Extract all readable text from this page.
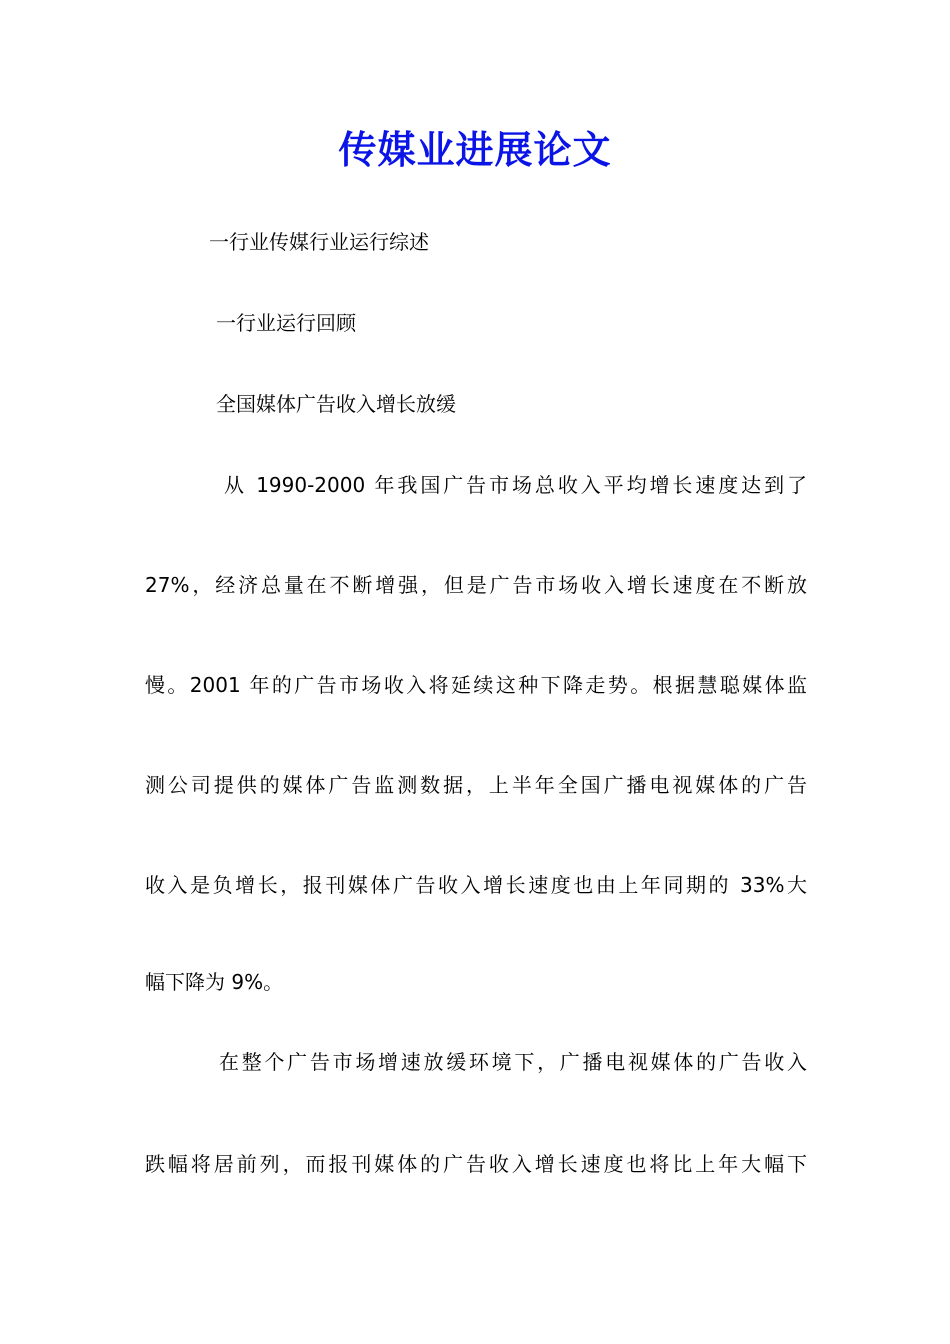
传媒业进展论文
一行业传媒行业运行综述
一行业运行回顾
全国媒体广告收入增长放缓
从 1990-2000 年我国广告市场总收入平均增长速度达到了
27%，经济总量在不断增强，但是广告市场收入增长速度在不断放
慢。2001 年的广告市场收入将延续这种下降走势。根据慧聪媒体监
测公司提供的媒体广告监测数据，上半年全国广播电视媒体的广告
收入是负增长，报刊媒体广告收入增长速度也由上年同期的 33%大
幅下降为 9%。
在整个广告市场增速放缓环境下，广播电视媒体的广告收入
跌幅将居前列，而报刊媒体的广告收入增长速度也将比上年大幅下
